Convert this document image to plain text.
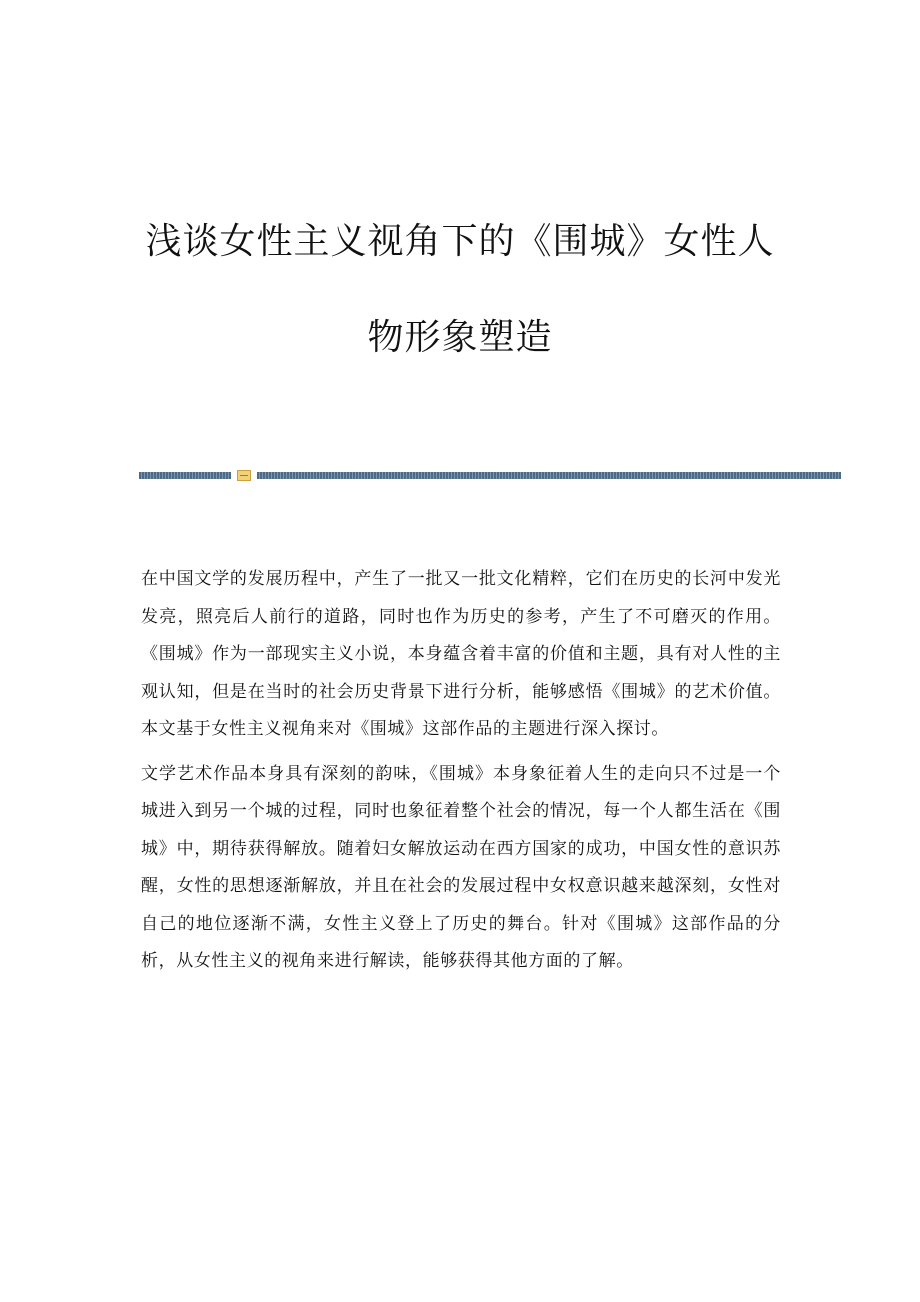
浅谈女性主义视角下的《围城》女性人
物形象塑造

在中国文学的发展历程中，产生了一批又一批文化精粹，它们在历史的长河中发光发亮，照亮后人前行的道路，同时也作为历史的参考，产生了不可磨灭的作用。《围城》作为一部现实主义小说，本身蕴含着丰富的价值和主题，具有对人性的主观认知，但是在当时的社会历史背景下进行分析，能够感悟《围城》的艺术价值。本文基于女性主义视角来对《围城》这部作品的主题进行深入探讨。

文学艺术作品本身具有深刻的韵味，《围城》本身象征着人生的走向只不过是一个城进入到另一个城的过程，同时也象征着整个社会的情况，每一个人都生活在《围城》中，期待获得解放。随着妇女解放运动在西方国家的成功，中国女性的意识苏醒，女性的思想逐渐解放，并且在社会的发展过程中女权意识越来越深刻，女性对自己的地位逐渐不满，女性主义登上了历史的舞台。针对《围城》这部作品的分析，从女性主义的视角来进行解读，能够获得其他方面的了解。
